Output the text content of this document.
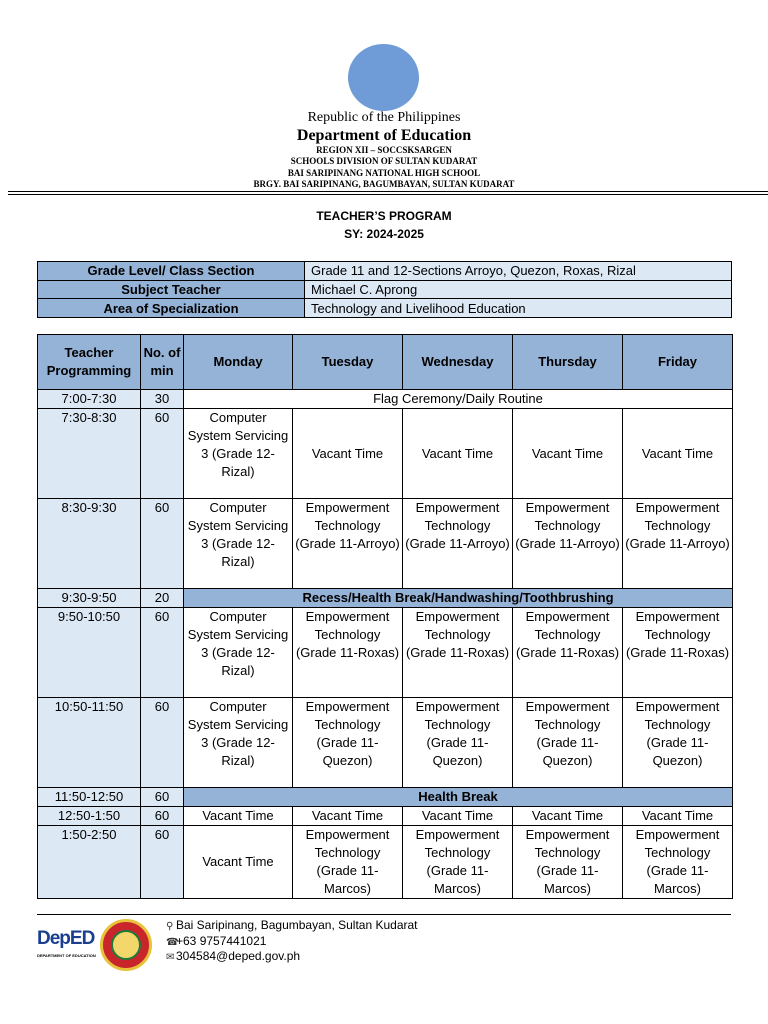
Republic of the Philippines
Department of Education
REGION XII – SOCCSKSARGEN
SCHOOLS DIVISION OF SULTAN KUDARAT
BAI SARIPINANG NATIONAL HIGH SCHOOL
BRGY. BAI SARIPINANG, BAGUMBAYAN, SULTAN KUDARAT
TEACHER’S PROGRAM
SY: 2024-2025
Grade Level/ Class Section	Grade 11 and 12-Sections Arroyo, Quezon, Roxas, Rizal
Subject Teacher	Michael C. Aprong
Area of Specialization	Technology and Livelihood Education
Teacher Programming	No. of min	Monday	Tuesday	Wednesday	Thursday	Friday
7:00-7:30	30	Flag Ceremony/Daily Routine				
7:30-8:30	60	Computer System Servicing 3 (Grade 12-Rizal)	Vacant Time	Vacant Time	Vacant Time	Vacant Time
8:30-9:30	60	Computer System Servicing 3 (Grade 12-Rizal)	Empowerment Technology (Grade 11-Arroyo)	Empowerment Technology (Grade 11-Arroyo)	Empowerment Technology (Grade 11-Arroyo)	Empowerment Technology (Grade 11-Arroyo)
9:30-9:50	20	Recess/Health Break/Handwashing/Toothbrushing				
9:50-10:50	60	Computer System Servicing 3 (Grade 12-Rizal)	Empowerment Technology (Grade 11-Roxas)	Empowerment Technology (Grade 11-Roxas)	Empowerment Technology (Grade 11-Roxas)	Empowerment Technology (Grade 11-Roxas)
10:50-11:50	60	Computer System Servicing 3 (Grade 12-Rizal)	Empowerment Technology (Grade 11-Quezon)	Empowerment Technology (Grade 11-Quezon)	Empowerment Technology (Grade 11-Quezon)	Empowerment Technology (Grade 11-Quezon)
11:50-12:50	60	Health Break				
12:50-1:50	60	Vacant Time	Vacant Time	Vacant Time	Vacant Time	Vacant Time
1:50-2:50	60	Vacant Time	Empowerment Technology (Grade 11-Marcos)	Empowerment Technology (Grade 11-Marcos)	Empowerment Technology (Grade 11-Marcos)	Empowerment Technology (Grade 11-Marcos)
DepED
DEPARTMENT OF EDUCATION
⚲ Bai Saripinang, Bagumbayan, Sultan Kudarat
☎+63 9757441021
✉ 304584@deped.gov.ph
